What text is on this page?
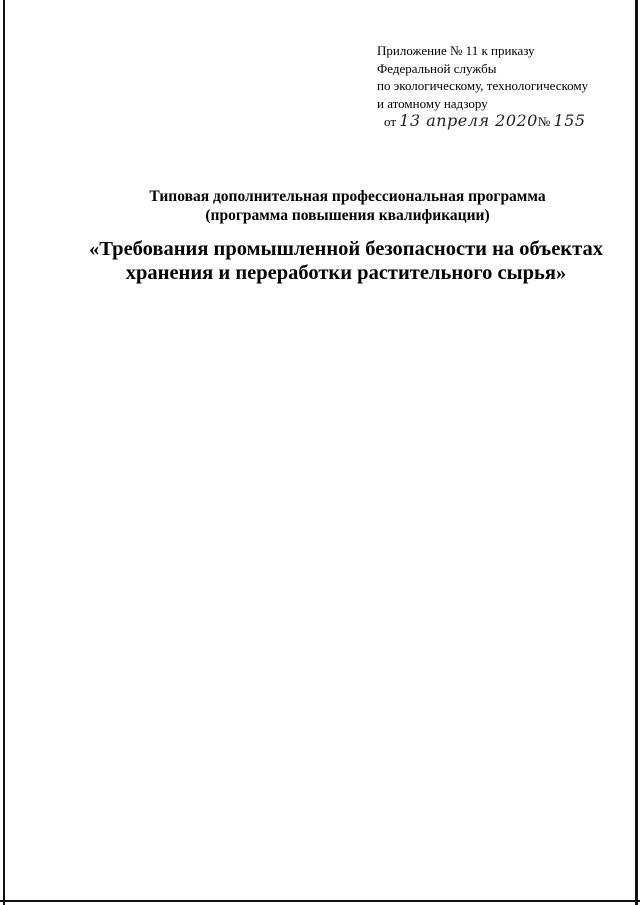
Приложение № 11 к приказу
Федеральной службы
по экологическому, технологическому
и атомному надзору
от 13 апреля 2020№ 155
Типовая дополнительная профессиональная программа
(программа повышения квалификации)
«Требования промышленной безопасности на объектах
хранения и переработки растительного сырья»
